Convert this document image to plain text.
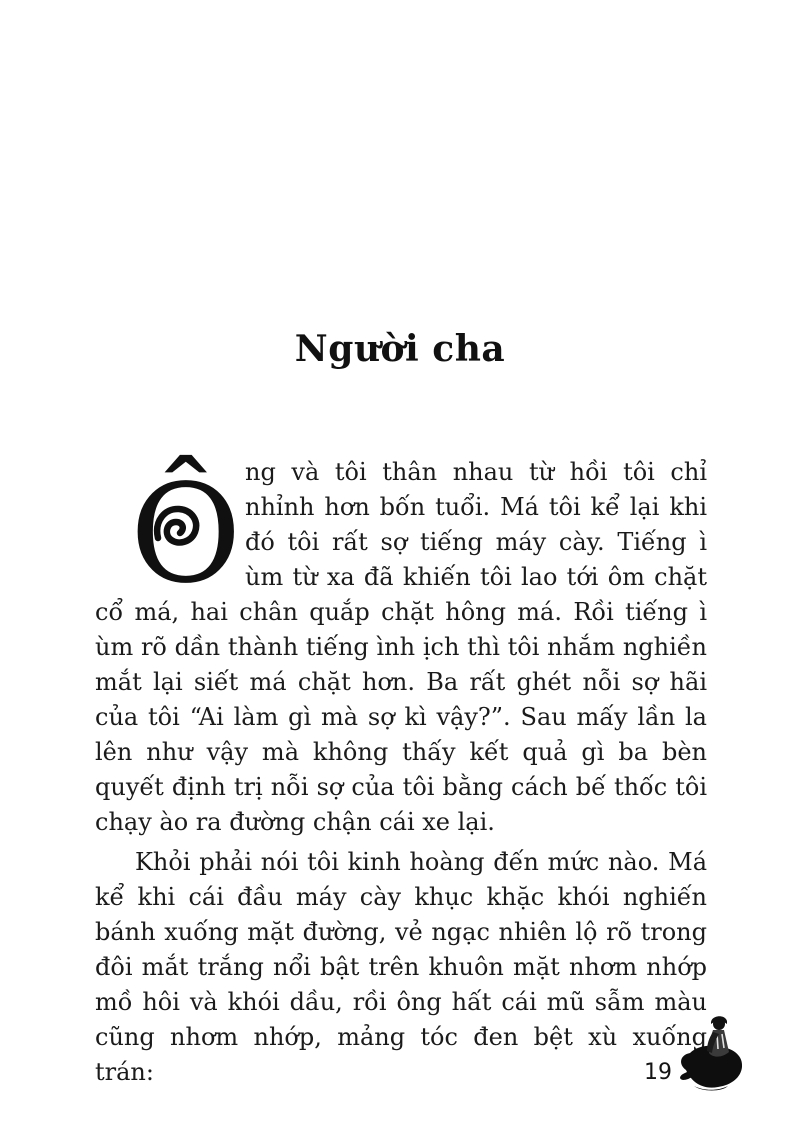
Người cha

Ô ng và tôi thân nhau từ hồi tôi chỉ nhỉnh hơn bốn tuổi. Má tôi kể lại khi đó tôi rất sợ tiếng máy cày. Tiếng ì ùm từ xa đã khiến tôi lao tới ôm chặt cổ má, hai chân quắp chặt hông má. Rồi tiếng ì ùm rõ dần thành tiếng ình ịch thì tôi nhắm nghiền mắt lại siết má chặt hơn. Ba rất ghét nỗi sợ hãi của tôi “Ai làm gì mà sợ kì vậy?”. Sau mấy lần la lên như vậy mà không thấy kết quả gì ba bèn quyết định trị nỗi sợ của tôi bằng cách bế thốc tôi chạy ào ra đường chận cái xe lại.

Khỏi phải nói tôi kinh hoàng đến mức nào. Má kể khi cái đầu máy cày khục khặc khói nghiến bánh xuống mặt đường, vẻ ngạc nhiên lộ rõ trong đôi mắt trắng nổi bật trên khuôn mặt nhơm nhớp mồ hôi và khói dầu, rồi ông hất cái mũ sẫm màu cũng nhơm nhớp, mảng tóc đen bệt xù xuống trán:	19
